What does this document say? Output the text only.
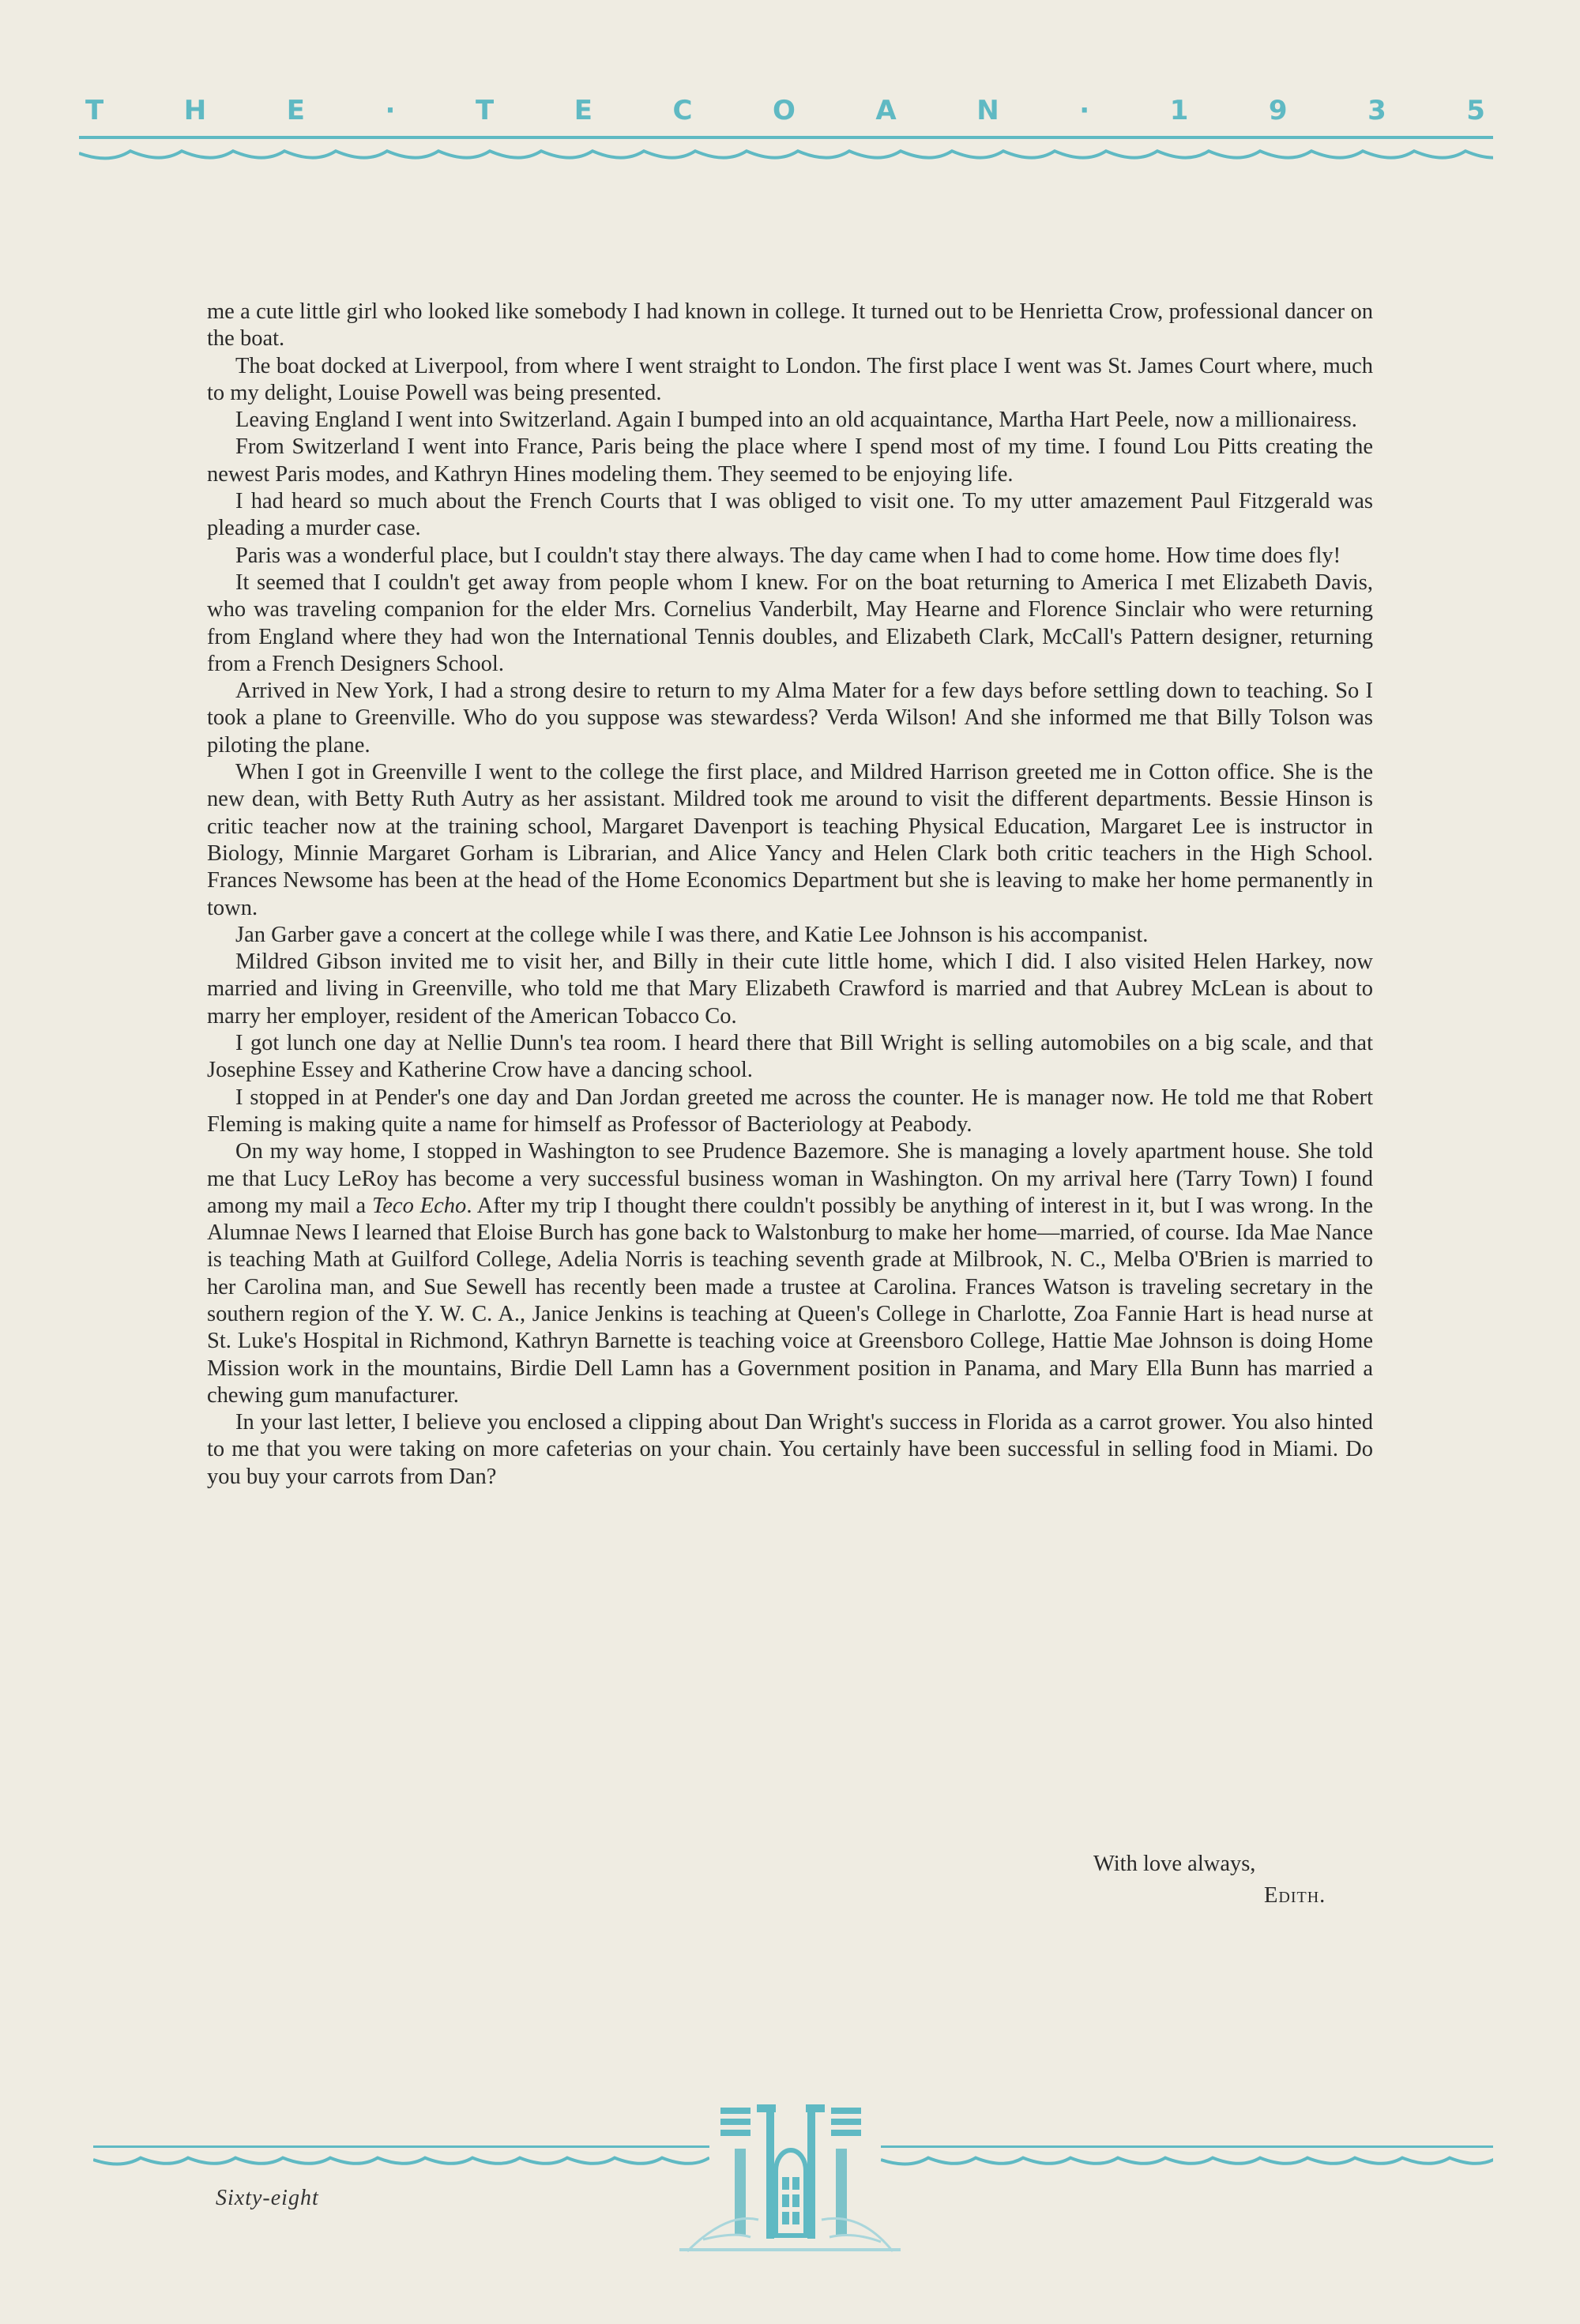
T	H	E	·	T	E	C	O	A	N	·	1	9	3	5

me a cute little girl who looked like somebody I had known in college. It turned out to be Henrietta Crow, professional dancer on the boat.

The boat docked at Liverpool, from where I went straight to London. The first place I went was St. James Court where, much to my delight, Louise Powell was being presented.

Leaving England I went into Switzerland. Again I bumped into an old acquaintance, Martha Hart Peele, now a millionairess.

From Switzerland I went into France, Paris being the place where I spend most of my time. I found Lou Pitts creating the newest Paris modes, and Kathryn Hines modeling them. They seemed to be enjoying life.

I had heard so much about the French Courts that I was obliged to visit one. To my utter amazement Paul Fitzgerald was pleading a murder case.

Paris was a wonderful place, but I couldn't stay there always. The day came when I had to come home. How time does fly!

It seemed that I couldn't get away from people whom I knew. For on the boat returning to America I met Elizabeth Davis, who was traveling companion for the elder Mrs. Cornelius Vanderbilt, May Hearne and Florence Sinclair who were returning from England where they had won the International Tennis doubles, and Elizabeth Clark, McCall's Pattern designer, returning from a French Designers School.

Arrived in New York, I had a strong desire to return to my Alma Mater for a few days before settling down to teaching. So I took a plane to Greenville. Who do you suppose was stewardess? Verda Wilson! And she informed me that Billy Tolson was piloting the plane.

When I got in Greenville I went to the college the first place, and Mildred Harrison greeted me in Cotton office. She is the new dean, with Betty Ruth Autry as her assistant. Mildred took me around to visit the different departments. Bessie Hinson is critic teacher now at the training school, Margaret Davenport is teaching Physical Education, Margaret Lee is instructor in Biology, Minnie Margaret Gorham is Librarian, and Alice Yancy and Helen Clark both critic teachers in the High School. Frances Newsome has been at the head of the Home Economics Department but she is leaving to make her home permanently in town.

Jan Garber gave a concert at the college while I was there, and Katie Lee Johnson is his accompanist.

Mildred Gibson invited me to visit her, and Billy in their cute little home, which I did. I also visited Helen Harkey, now married and living in Greenville, who told me that Mary Elizabeth Crawford is married and that Aubrey McLean is about to marry her employer, resident of the American Tobacco Co.

I got lunch one day at Nellie Dunn's tea room. I heard there that Bill Wright is selling automobiles on a big scale, and that Josephine Essey and Katherine Crow have a dancing school.

I stopped in at Pender's one day and Dan Jordan greeted me across the counter. He is manager now. He told me that Robert Fleming is making quite a name for himself as Professor of Bacteriology at Peabody.

On my way home, I stopped in Washington to see Prudence Bazemore. She is managing a lovely apartment house. She told me that Lucy LeRoy has become a very successful business woman in Washington. On my arrival here (Tarry Town) I found among my mail a Teco Echo. After my trip I thought there couldn't possibly be anything of interest in it, but I was wrong. In the Alumnae News I learned that Eloise Burch has gone back to Walstonburg to make her home—married, of course. Ida Mae Nance is teaching Math at Guilford College, Adelia Norris is teaching seventh grade at Milbrook, N. C., Melba O'Brien is married to her Carolina man, and Sue Sewell has recently been made a trustee at Carolina. Frances Watson is traveling secretary in the southern region of the Y. W. C. A., Janice Jenkins is teaching at Queen's College in Charlotte, Zoa Fannie Hart is head nurse at St. Luke's Hospital in Richmond, Kathryn Barnette is teaching voice at Greensboro College, Hattie Mae Johnson is doing Home Mission work in the mountains, Birdie Dell Lamn has a Government position in Panama, and Mary Ella Bunn has married a chewing gum manufacturer.

In your last letter, I believe you enclosed a clipping about Dan Wright's success in Florida as a carrot grower. You also hinted to me that you were taking on more cafeterias on your chain. You certainly have been successful in selling food in Miami. Do you buy your carrots from Dan?

With love always,
Edith.
Sixty-eight
